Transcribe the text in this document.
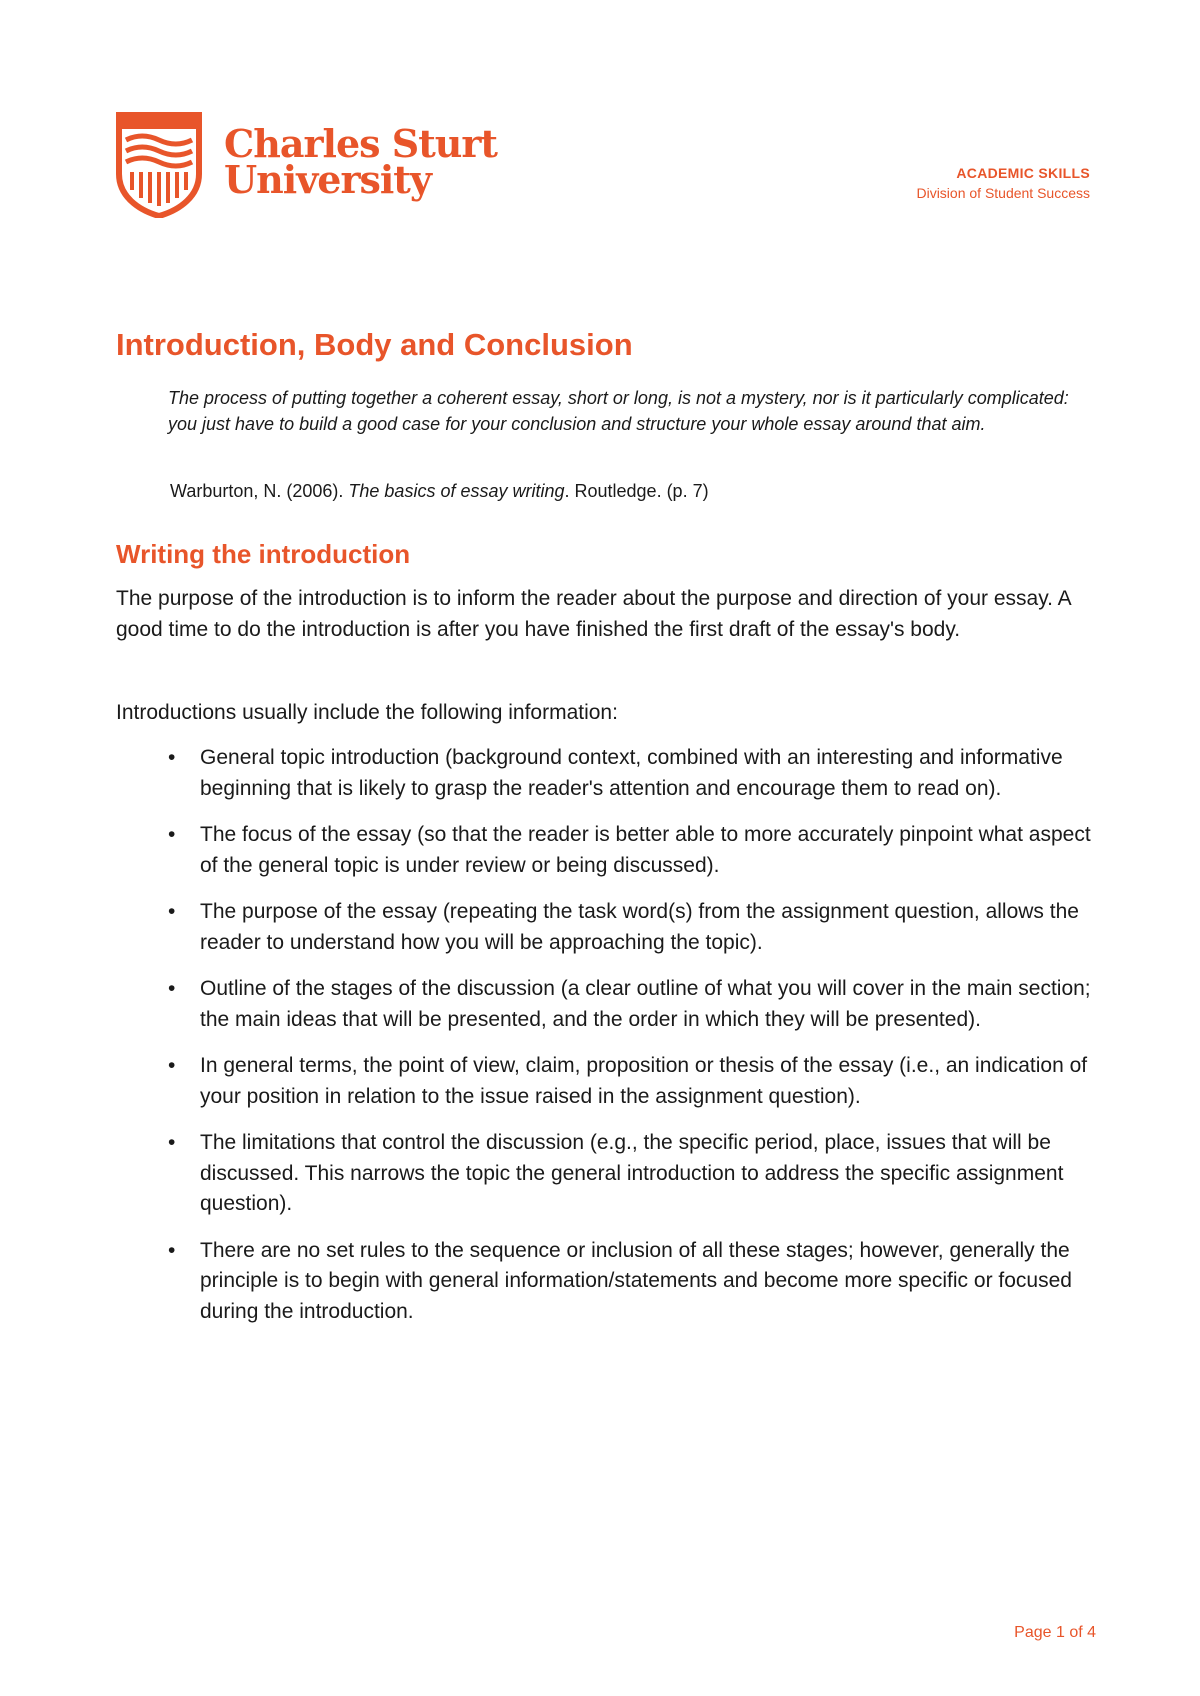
Charles Sturt
University	ACADEMIC SKILLS
Division of Student Success
Introduction, Body and Conclusion

The process of putting together a coherent essay, short or long, is not a mystery, nor is it particularly complicated: you just have to build a good case for your conclusion and structure your whole essay around that aim.

Warburton, N. (2006). The basics of essay writing. Routledge. (p. 7)

Writing the introduction

The purpose of the introduction is to inform the reader about the purpose and direction of your essay. A good time to do the introduction is after you have finished the first draft of the essay's body.

Introductions usually include the following information:

• General topic introduction (background context, combined with an interesting and informative beginning that is likely to grasp the reader's attention and encourage them to read on).
• The focus of the essay (so that the reader is better able to more accurately pinpoint what aspect of the general topic is under review or being discussed).
• The purpose of the essay (repeating the task word(s) from the assignment question, allows the reader to understand how you will be approaching the topic).
• Outline of the stages of the discussion (a clear outline of what you will cover in the main section; the main ideas that will be presented, and the order in which they will be presented).
• In general terms, the point of view, claim, proposition or thesis of the essay (i.e., an indication of your position in relation to the issue raised in the assignment question).
• The limitations that control the discussion (e.g., the specific period, place, issues that will be discussed. This narrows the topic the general introduction to address the specific assignment question).
• There are no set rules to the sequence or inclusion of all these stages; however, generally the principle is to begin with general information/statements and become more specific or focused during the introduction.
Page 1 of 4
